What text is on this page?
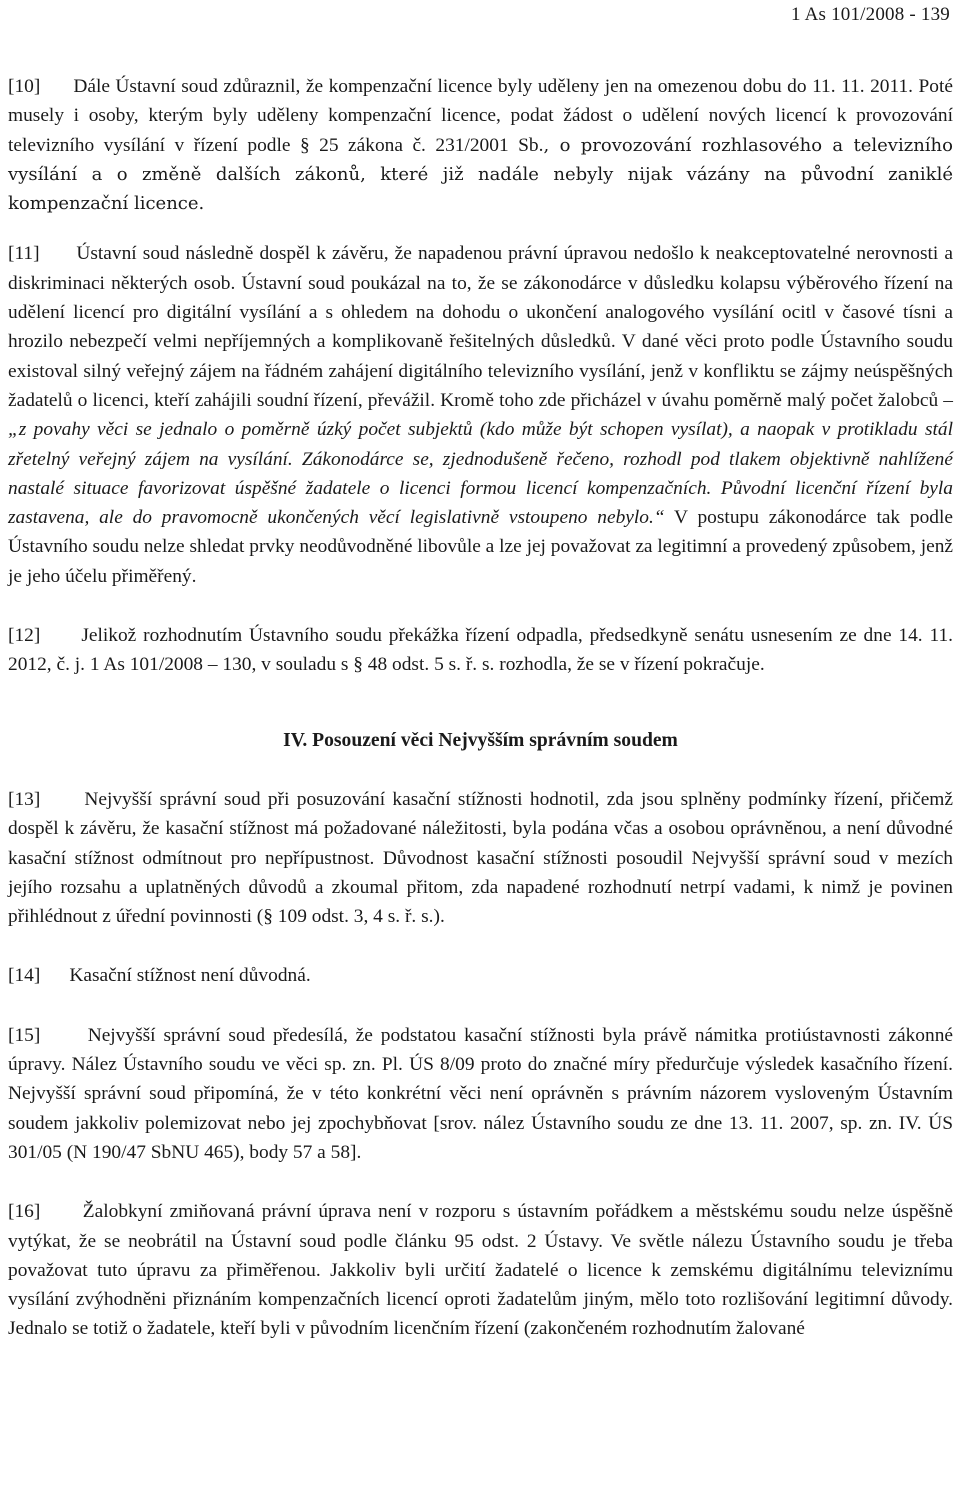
1 As 101/2008 - 139

[10] Dále Ústavní soud zdůraznil, že kompenzační licence byly uděleny jen na omezenou dobu do 11. 11. 2011. Poté musely i osoby, kterým byly uděleny kompenzační licence, podat žádost o udělení nových licencí k provozování televizního vysílání v řízení podle § 25 zákona č. 231/2001 Sb., o provozování rozhlasového a televizního vysílání a o změně dalších zákonů, které již nadále nebyly nijak vázány na původní zaniklé kompenzační licence.

[11] Ústavní soud následně dospěl k závěru, že napadenou právní úpravou nedošlo k neakceptovatelné nerovnosti a diskriminaci některých osob. Ústavní soud poukázal na to, že se zákonodárce v důsledku kolapsu výběrového řízení na udělení licencí pro digitální vysílání a s ohledem na dohodu o ukončení analogového vysílání ocitl v časové tísni a hrozilo nebezpečí velmi nepříjemných a komplikovaně řešitelných důsledků. V dané věci proto podle Ústavního soudu existoval silný veřejný zájem na řádném zahájení digitálního televizního vysílání, jenž v konfliktu se zájmy neúspěšných žadatelů o licenci, kteří zahájili soudní řízení, převážil. Kromě toho zde přicházel v úvahu poměrně malý počet žalobců – „z povahy věci se jednalo o poměrně úzký počet subjektů (kdo může být schopen vysílat), a naopak v protikladu stál zřetelný veřejný zájem na vysílání. Zákonodárce se, zjednodušeně řečeno, rozhodl pod tlakem objektivně nahlížené nastalé situace favorizovat úspěšné žadatele o licenci formou licencí kompenzačních. Původní licenční řízení byla zastavena, ale do pravomocně ukončených věcí legislativně vstoupeno nebylo.“ V postupu zákonodárce tak podle Ústavního soudu nelze shledat prvky neodůvodněné libovůle a lze jej považovat za legitimní a provedený způsobem, jenž je jeho účelu přiměřený.

[12] Jelikož rozhodnutím Ústavního soudu překážka řízení odpadla, předsedkyně senátu usnesením ze dne 14. 11. 2012, č. j. 1 As 101/2008 – 130, v souladu s § 48 odst. 5 s. ř. s. rozhodla, že se v řízení pokračuje.

IV. Posouzení věci Nejvyšším správním soudem

[13] Nejvyšší správní soud při posuzování kasační stížnosti hodnotil, zda jsou splněny podmínky řízení, přičemž dospěl k závěru, že kasační stížnost má požadované náležitosti, byla podána včas a osobou oprávněnou, a není důvodné kasační stížnost odmítnout pro nepřípustnost. Důvodnost kasační stížnosti posoudil Nejvyšší správní soud v mezích jejího rozsahu a uplatněných důvodů a zkoumal přitom, zda napadené rozhodnutí netrpí vadami, k nimž je povinen přihlédnout z úřední povinnosti (§ 109 odst. 3, 4 s. ř. s.).

[14] Kasační stížnost není důvodná.

[15] Nejvyšší správní soud předesílá, že podstatou kasační stížnosti byla právě námitka protiústavnosti zákonné úpravy. Nález Ústavního soudu ve věci sp. zn. Pl. ÚS 8/09 proto do značné míry předurčuje výsledek kasačního řízení. Nejvyšší správní soud připomíná, že v této konkrétní věci není oprávněn s právním názorem vysloveným Ústavním soudem jakkoliv polemizovat nebo jej zpochybňovat [srov. nález Ústavního soudu ze dne 13. 11. 2007, sp. zn. IV. ÚS 301/05 (N 190/47 SbNU 465), body 57 a 58].

[16] Žalobkyní zmiňovaná právní úprava není v rozporu s ústavním pořádkem a městskému soudu nelze úspěšně vytýkat, že se neobrátil na Ústavní soud podle článku 95 odst. 2 Ústavy. Ve světle nálezu Ústavního soudu je třeba považovat tuto úpravu za přiměřenou. Jakkoliv byli určití žadatelé o licence k zemskému digitálnímu televiznímu vysílání zvýhodněni přiznáním kompenzačních licencí oproti žadatelům jiným, mělo toto rozlišování legitimní důvody. Jednalo se totiž o žadatele, kteří byli v původním licenčním řízení (zakončeném rozhodnutím žalované
